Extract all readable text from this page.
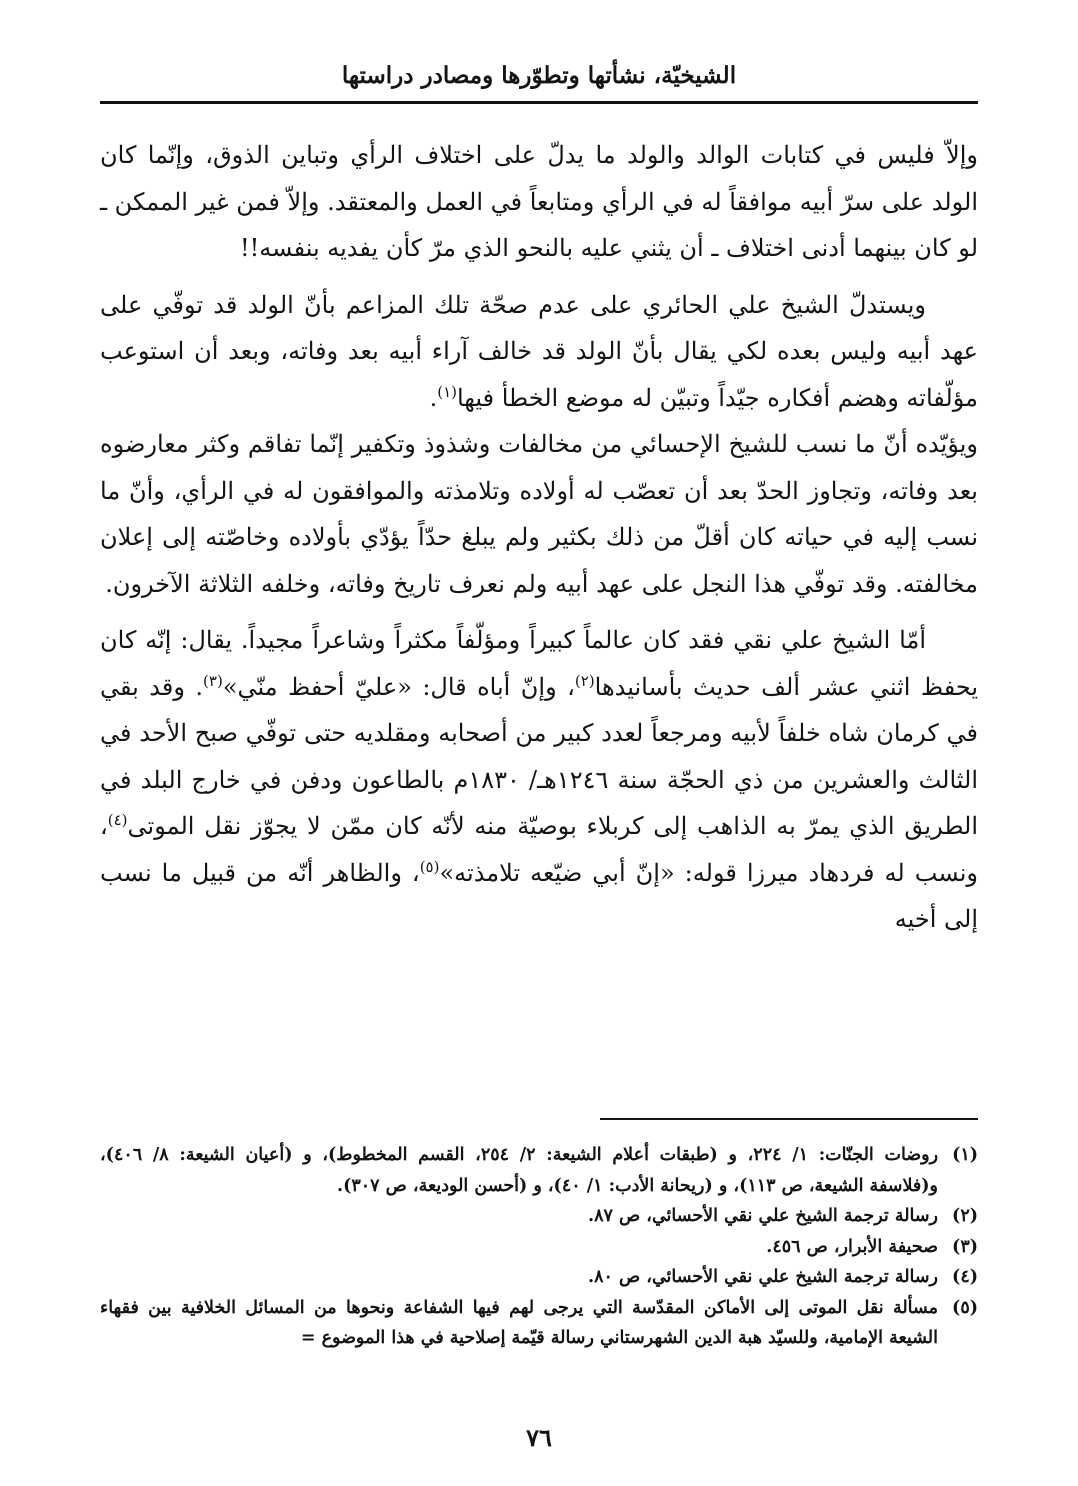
الشيخيّة، نشأتها وتطوّرها ومصادر دراستها

وإلاّ فليس في كتابات الوالد والولد ما يدلّ على اختلاف الرأي وتباين الذوق، وإنّما كان الولد على سرّ أبيه موافقاً له في الرأي ومتابعاً في العمل والمعتقد. وإلاّ فمن غير الممكن ـ لو كان بينهما أدنى اختلاف ـ أن يثني عليه بالنحو الذي مرّ كأن يفديه بنفسه!!

ويستدلّ الشيخ علي الحائري على عدم صحّة تلك المزاعم بأنّ الولد قد توفّي على عهد أبيه وليس بعده لكي يقال بأنّ الولد قد خالف آراء أبيه بعد وفاته، وبعد أن استوعب مؤلّفاته وهضم أفكاره جيّداً وتبيّن له موضع الخطأ فيها$^{(١)}$.

ويؤيّده أنّ ما نسب للشيخ الإحسائي من مخالفات وشذوذ وتكفير إنّما تفاقم وكثر معارضوه بعد وفاته، وتجاوز الحدّ بعد أن تعصّب له أولاده وتلامذته والموافقون له في الرأي، وأنّ ما نسب إليه في حياته كان أقلّ من ذلك بكثير ولم يبلغ حدّاً يؤدّي بأولاده وخاصّته إلى إعلان مخالفته. وقد توفّي هذا النجل على عهد أبيه ولم نعرف تاريخ وفاته، وخلفه الثلاثة الآخرون.

أمّا الشيخ علي نقي فقد كان عالماً كبيراً ومؤلّفاً مكثراً وشاعراً مجيداً. يقال: إنّه كان يحفظ اثني عشر ألف حديث بأسانيدها$^{(٢)}$، وإنّ أباه قال: «عليّ أحفظ منّي»$^{(٣)}$. وقد بقي في كرمان شاه خلفاً لأبيه ومرجعاً لعدد كبير من أصحابه ومقلديه حتى توفّي صبح الأحد في الثالث والعشرين من ذي الحجّة سنة ١٢٤٦هـ/ ١٨٣٠م بالطاعون ودفن في خارج البلد في الطريق الذي يمرّ به الذاهب إلى كربلاء بوصيّة منه لأنّه كان ممّن لا يجوّز نقل الموتى$^{(٤)}$، ونسب له فردهاد ميرزا قوله: «إنّ أبي ضيّعه تلامذته»$^{(٥)}$، والظاهر أنّه من قبيل ما نسب إلى أخيه

(١)روضات الجنّات: ١/ ٢٢٤، و (طبقات أعلام الشيعة: ٢/ ٢٥٤، القسم المخطوط)، و (أعيان الشيعة: ٨/ ٤٠٦)، و(فلاسفة الشيعة، ص ١١٣)، و (ريحانة الأدب: ١/ ٤٠)، و (أحسن الوديعة، ص ٣٠٧).

(٢)رسالة ترجمة الشيخ علي نقي الأحسائي، ص ٨٧.

(٣)صحيفة الأبرار، ص ٤٥٦.

(٤)رسالة ترجمة الشيخ علي نقي الأحسائي، ص ٨٠.

(٥)مسألة نقل الموتى إلى الأماكن المقدّسة التي يرجى لهم فيها الشفاعة ونحوها من المسائل الخلافية بين فقهاء الشيعة الإمامية، وللسيّد هبة الدين الشهرستاني رسالة قيّمة إصلاحية في هذا الموضوع =

٧٦
